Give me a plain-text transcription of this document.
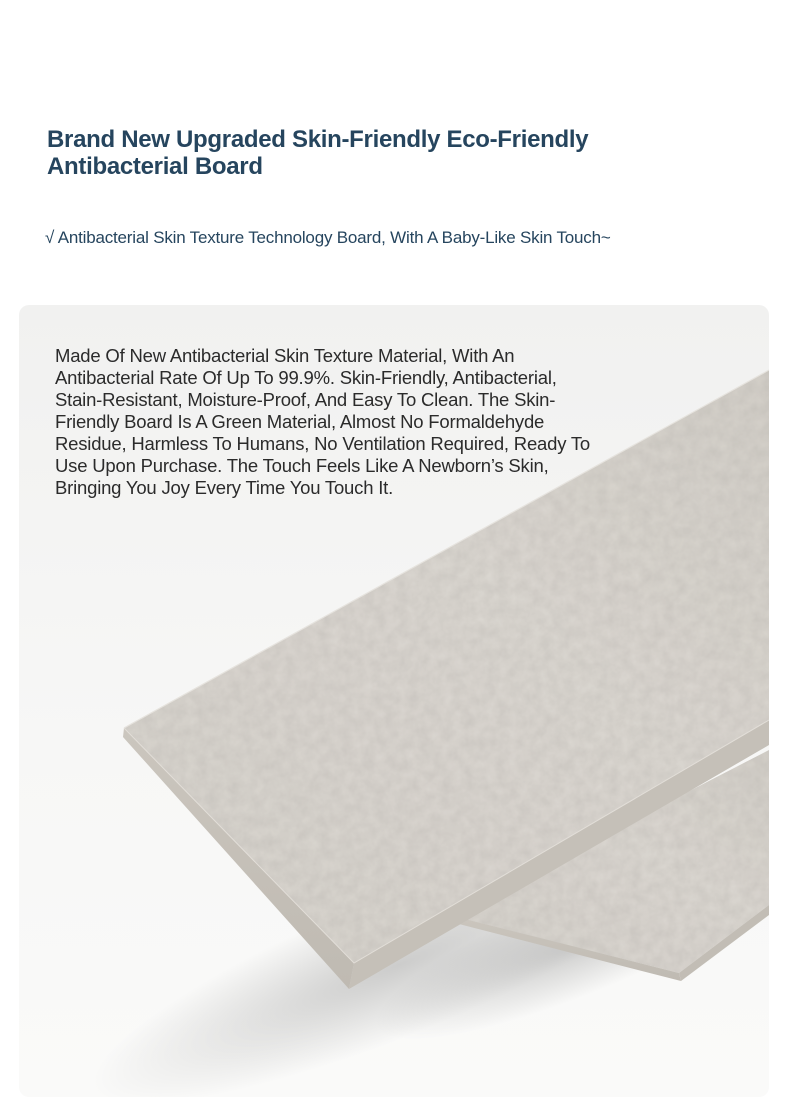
Brand New Upgraded Skin-Friendly Eco-Friendly Antibacterial Board

√ Antibacterial Skin Texture Technology Board, With A Baby-Like Skin Touch~

Made Of New Antibacterial Skin Texture Material, With An Antibacterial Rate Of Up To 99.9%. Skin-Friendly, Antibacterial, Stain-Resistant, Moisture-Proof, And Easy To Clean. The Skin-Friendly Board Is A Green Material, Almost No Formaldehyde Residue, Harmless To Humans, No Ventilation Required, Ready To Use Upon Purchase. The Touch Feels Like A Newborn’s Skin, Bringing You Joy Every Time You Touch It.
